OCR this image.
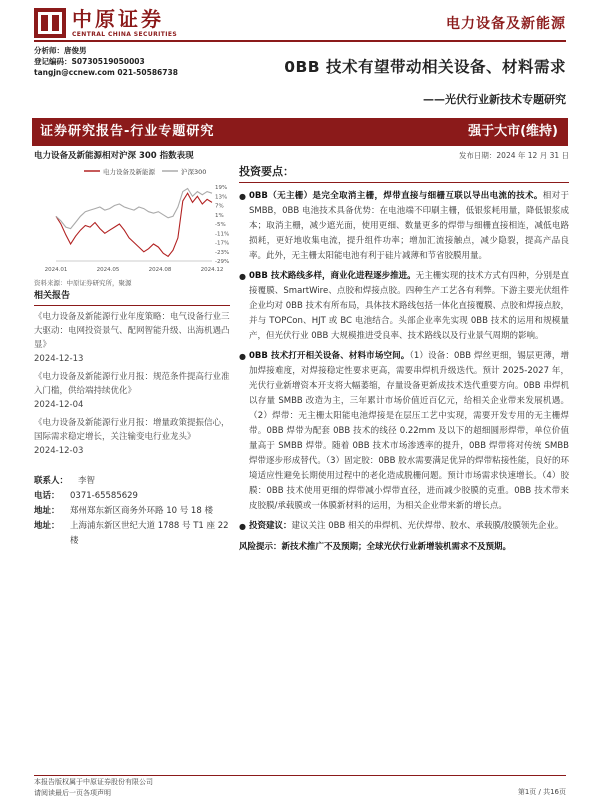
中原证券
CENTRAL CHINA SECURITIES
电力设备及新能源
分析师：唐俊男
登记编码：S0730519050003
tangjn@ccnew.com 021-50586738	0BB 技术有望带动相关设备、材料需求
——光伏行业新技术专题研究
证券研究报告-行业专题研究	强于大市(维持)
电力设备及新能源相对沪深 300 指数表现
电力设备及新能源	沪深300
19%
13%
7%
1%
-5%
-11%
-17%
-23%
-29%
2024.01	2024.05	2024.08	2024.12
资料来源：中原证券研究所，聚源
相关报告
《电力设备及新能源行业年度策略：电气设备行业三大驱动：电网投资景气、配网智能升级、出海机遇凸显》
2024-12-13
《电力设备及新能源行业月报：规范条件提高行业准入门槛，供给端持续优化》
2024-12-04
《电力设备及新能源行业月报：增量政策提振信心，国际需求稳定增长，关注输变电行业龙头》
2024-12-03
联系人：	李智
电话：	0371-65585629
地址：	郑州郑东新区商务外环路 10 号 18 楼
地址：	上海浦东新区世纪大道 1788 号 T1 座 22 楼
发布日期：2024 年 12 月 31 日
投资要点：
● 0BB（无主栅）是完全取消主栅，焊带直接与细栅互联以导出电流的技术。相对于 SMBB，0BB 电池技术具备优势：在电池端不印刷主栅，低银浆耗用量，降低银浆成本；取消主栅，减少遮光面，使用更细、数量更多的焊带与细栅直接相连，减低电路损耗，更好地收集电流，提升组件功率；增加汇流接触点，减少隐裂，提高产品良率。此外，无主栅太阳能电池有利于硅片减薄和节省胶膜用量。
● 0BB 技术路线多样，商业化进程逐步推进。无主栅实现的技术方式有四种，分别是直接覆膜、SmartWire、点胶和焊接点胶。四种生产工艺各有利弊。下游主要光伏组件企业均对 0BB 技术有所布局，具体技术路线包括一体化直接覆膜、点胶和焊接点胶，并与 TOPCon、HJT 或 BC 电池结合。头部企业率先实现 0BB 技术的运用和规模量产，但光伏行业 0BB 大规模推进受良率、技术路线以及行业景气周期的影响。
● 0BB 技术打开相关设备、材料市场空间。（1）设备：0BB 焊丝更细，锡层更薄，增加焊接难度，对焊接稳定性要求更高，需要串焊机升级迭代。预计 2025-2027 年，光伏行业新增资本开支将大幅萎缩，存量设备更新成技术迭代重要方向。0BB 串焊机以存量 SMBB 改造为主，三年累计市场价值近百亿元，给相关企业带来发展机遇。（2）焊带：无主栅太阳能电池焊接是在层压工艺中实现，需要开发专用的无主栅焊带。0BB 焊带为配套 0BB 技术的线径 0.22mm 及以下的超细圆形焊带，单位价值量高于 SMBB 焊带。随着 0BB 技术市场渗透率的提升，0BB 焊带将对传统 SMBB 焊带逐步形成替代。（3）固定胶：0BB 胶水需要满足优异的焊带粘接性能，良好的环境适应性避免长期使用过程中的老化造成脱栅问题。预计市场需求快速增长。（4）胶膜：0BB 技术使用更细的焊带减小焊带直径，进而减少胶膜的克重。0BB 技术带来皮胶膜/承载膜或一体膜新材料的运用，为相关企业带来新的增长点。
● 投资建议：建议关注 0BB 相关的串焊机、光伏焊带、胶水、承载膜/胶膜领先企业。
风险提示：新技术推广不及预期；全球光伏行业新增装机需求不及预期。
本报告版权属于中原证券股份有限公司
请阅读最后一页各项声明	第1页 / 共16页
